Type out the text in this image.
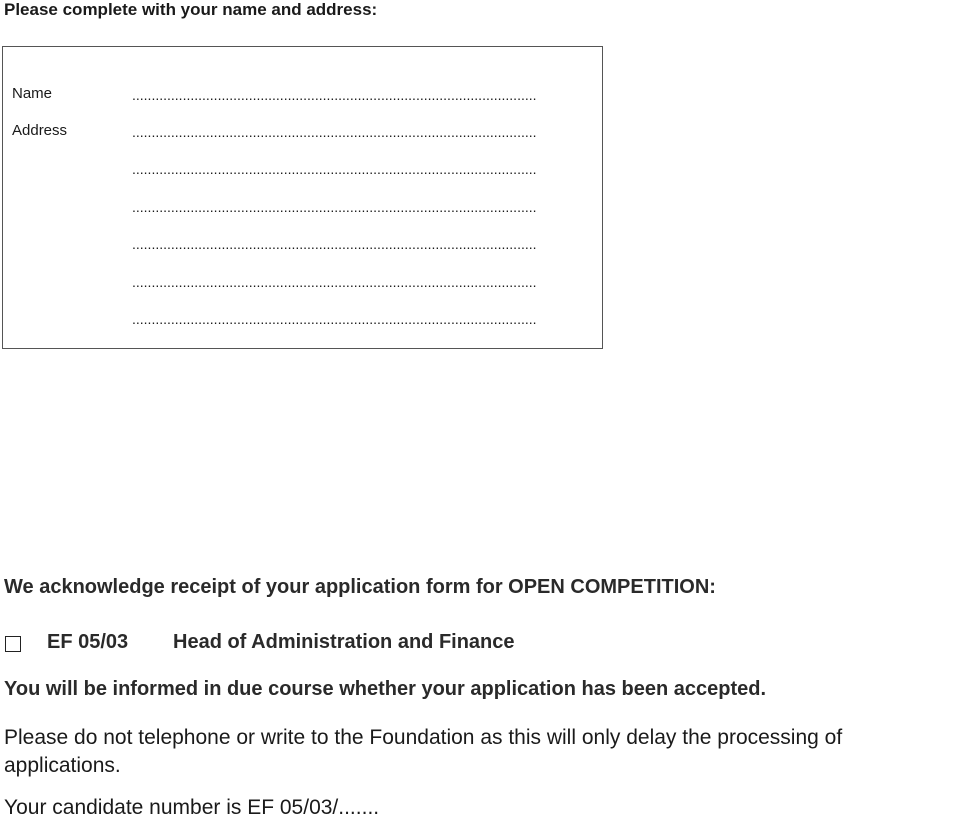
Please complete with your name and address:
Name	........................................................................................................
Address	........................................................................................................
........................................................................................................
........................................................................................................
........................................................................................................
........................................................................................................
........................................................................................................
We acknowledge receipt of your application form for OPEN COMPETITION:
EF 05/03 Head of Administration and Finance
You will be informed in due course whether your application has been accepted.
Please do not telephone or write to the Foundation as this will only delay the processing of applications.
Your candidate number is EF 05/03/.......
